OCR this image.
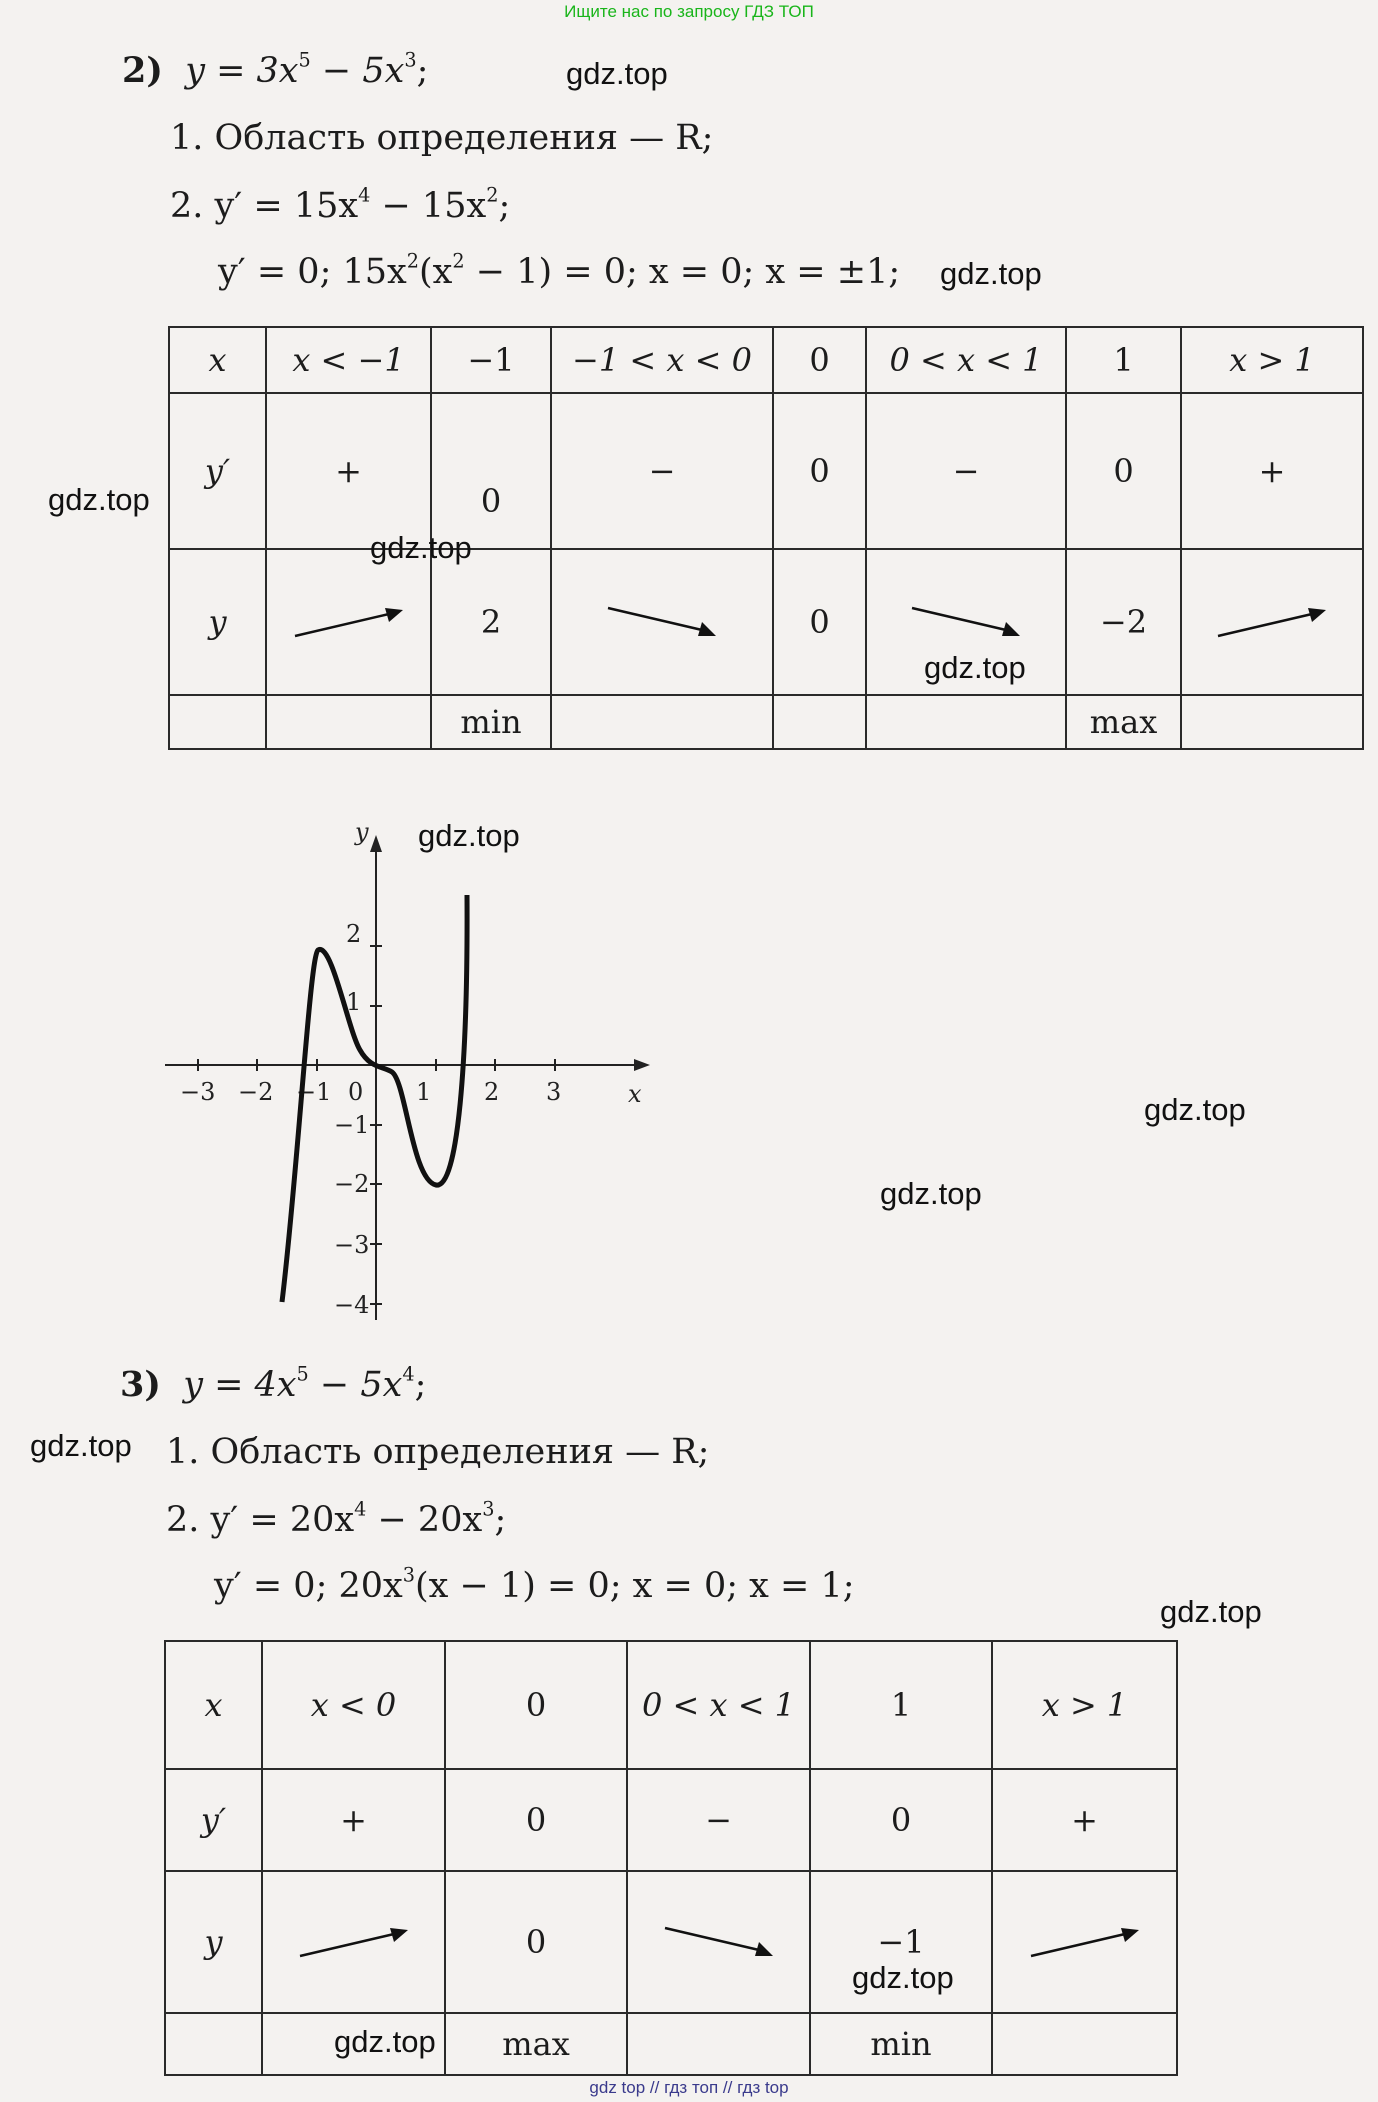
Ищите нас по запросу ГДЗ ТОП
gdz top // гдз топ // гдз top
2) $y = 3x^5 - 5x^3$;
1. Область определения — R;
2. $y' = 15x^4 - 15x^2$;
y′ = 0; $15x^2(x^2 - 1) = 0$; x = 0; x = ±1;
x	x < −1	−1	−1 < x < 0	0	0 < x < 1	1	x > 1
y′	+	0	−	0	−	0	+
y		2		0		−2	

		min				max	
y
x
−3 −2 −1 0 1 2 3
2
1
−1
−2
−3
−4
3) $y = 4x^5 - 5x^4$;
1. Область определения — R;
2. $y' = 20x^4 - 20x^3$;
y′ = 0; $20x^3(x - 1) = 0$; x = 0; x = 1;
x	x < 0	0	0 < x < 1	1	x > 1
y′	+	0	−	0	+
y		0		−1	

		max		min	
gdz.top
gdz.top
gdz.top
gdz.top
gdz.top
gdz.top
gdz.top
gdz.top
gdz.top
gdz.top
gdz.top
gdz.top
